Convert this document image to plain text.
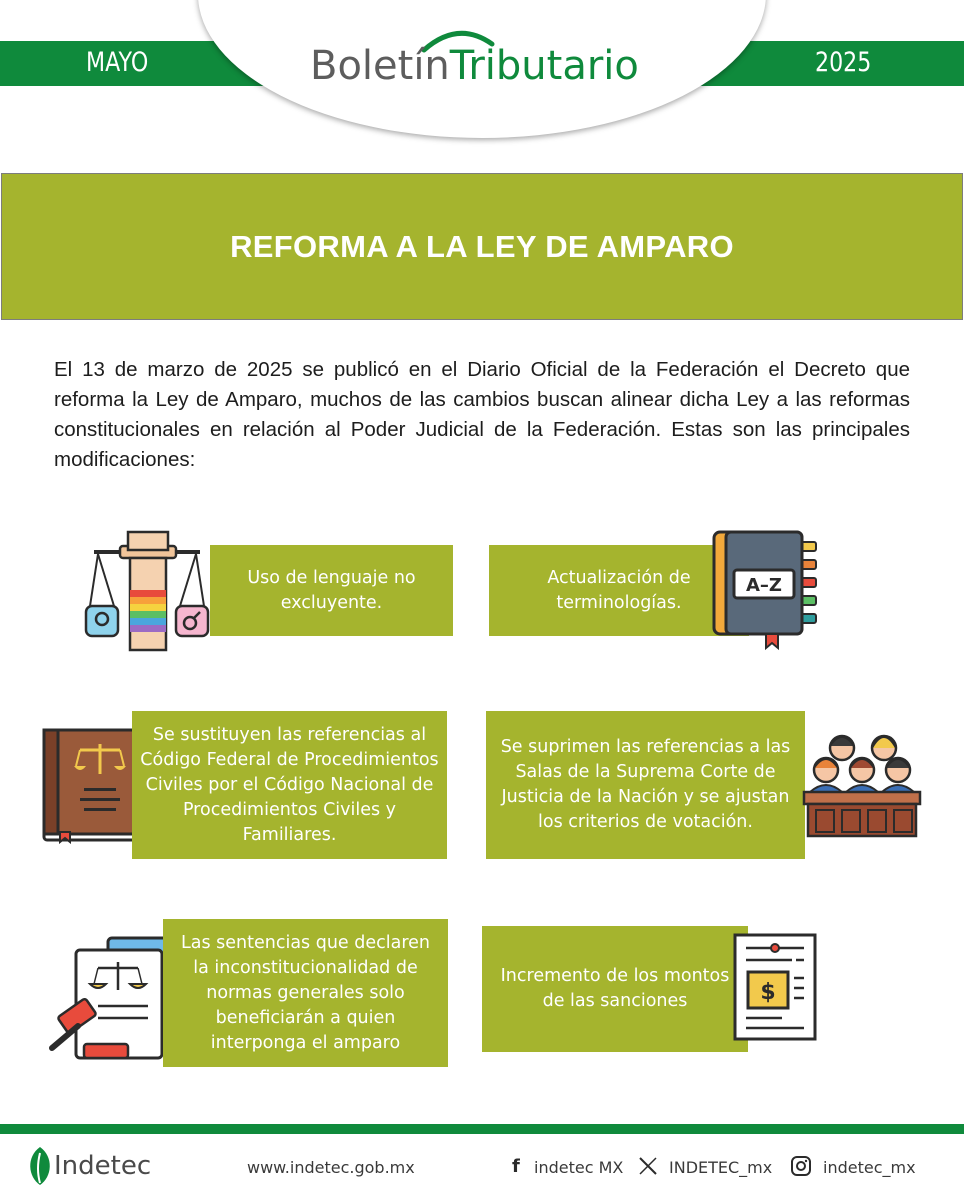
MAYO	2025
BoletínTributario
REFORMA A LA LEY DE AMPARO

El 13 de marzo de 2025 se publicó en el Diario Oficial de la Federación el Decreto que reforma la Ley de Amparo, muchos de las cambios buscan alinear dicha Ley a las reformas constitucionales en relación al Poder Judicial de la Federación. Estas son las principales modificaciones:

Uso de lenguaje no excluyente.
Actualización de terminologías.
A–Z
Se sustituyen las referencias al Código Federal de Procedimientos Civiles por el Código Nacional de Procedimientos Civiles y Familiares.
Se suprimen las referencias a las Salas de la Suprema Corte de Justicia de la Nación y se ajustan los criterios de votación.
Las sentencias que declaren la inconstitucionalidad de normas generales solo beneficiarán a quien interponga el amparo
Incremento de los montos de las sanciones	$
Indetec	www.indetec.gob.mx	f indetec MX	INDETEC_mx	indetec_mx
